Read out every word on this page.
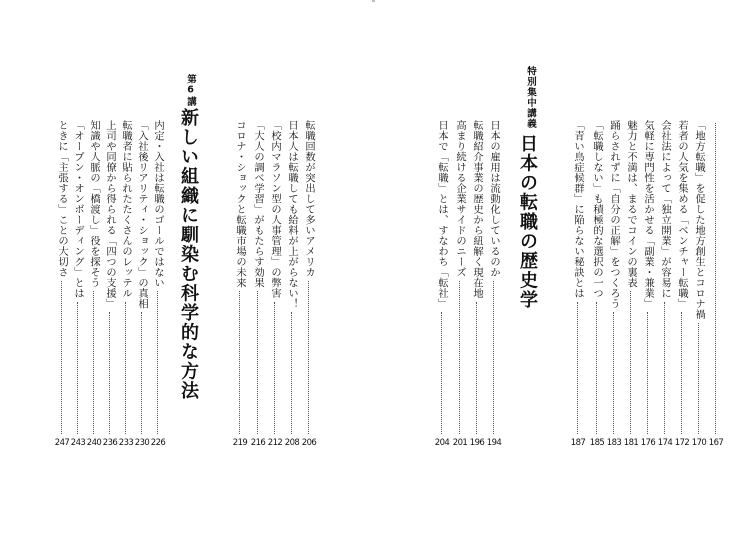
第6講
新しい組織に馴染む科学的な方法
ときに「主張する」ことの大切さ
247
「オープン・オンボーディング」とは
243
知識や人脈の「橋渡し」役を探そう
240
上司や同僚から得られる「四つの支援」
236
転職者に貼られたたくさんのレッテル
233
「入社後リアリティ・ショック」の真相
230
内定・入社は転職のゴールではない
226
コロナ・ショックと転職市場の未来
219
「大人の調べ学習」がもたらす効果
216
「校内マラソン型の人事管理」の弊害
212
日本人は転職しても給料が上がらない！
208
転職回数が突出して多いアメリカ
206
特別集中講義
日本の転職の歴史学
日本で「転職」とは、すなわち「転社」
204
高まり続ける企業サイドのニーズ
201
転職紹介事業の歴史から紐解く現在地
196
日本の雇用は流動化しているのか
194
「青い鳥症候群」に陥らない秘訣とは
187
「転職しない」も積極的な選択の一つ
185
踊らされずに「自分の正解」をつくろう
183
魅力と不満は、まるでコインの裏表
181
気軽に専門性を活かせる「副業・兼業」
176
会社法によって「独立開業」が容易に
174
若者の人気を集める「ベンチャー転職」
172
「地方転職」を促した地方創生とコロナ禍
170 167
